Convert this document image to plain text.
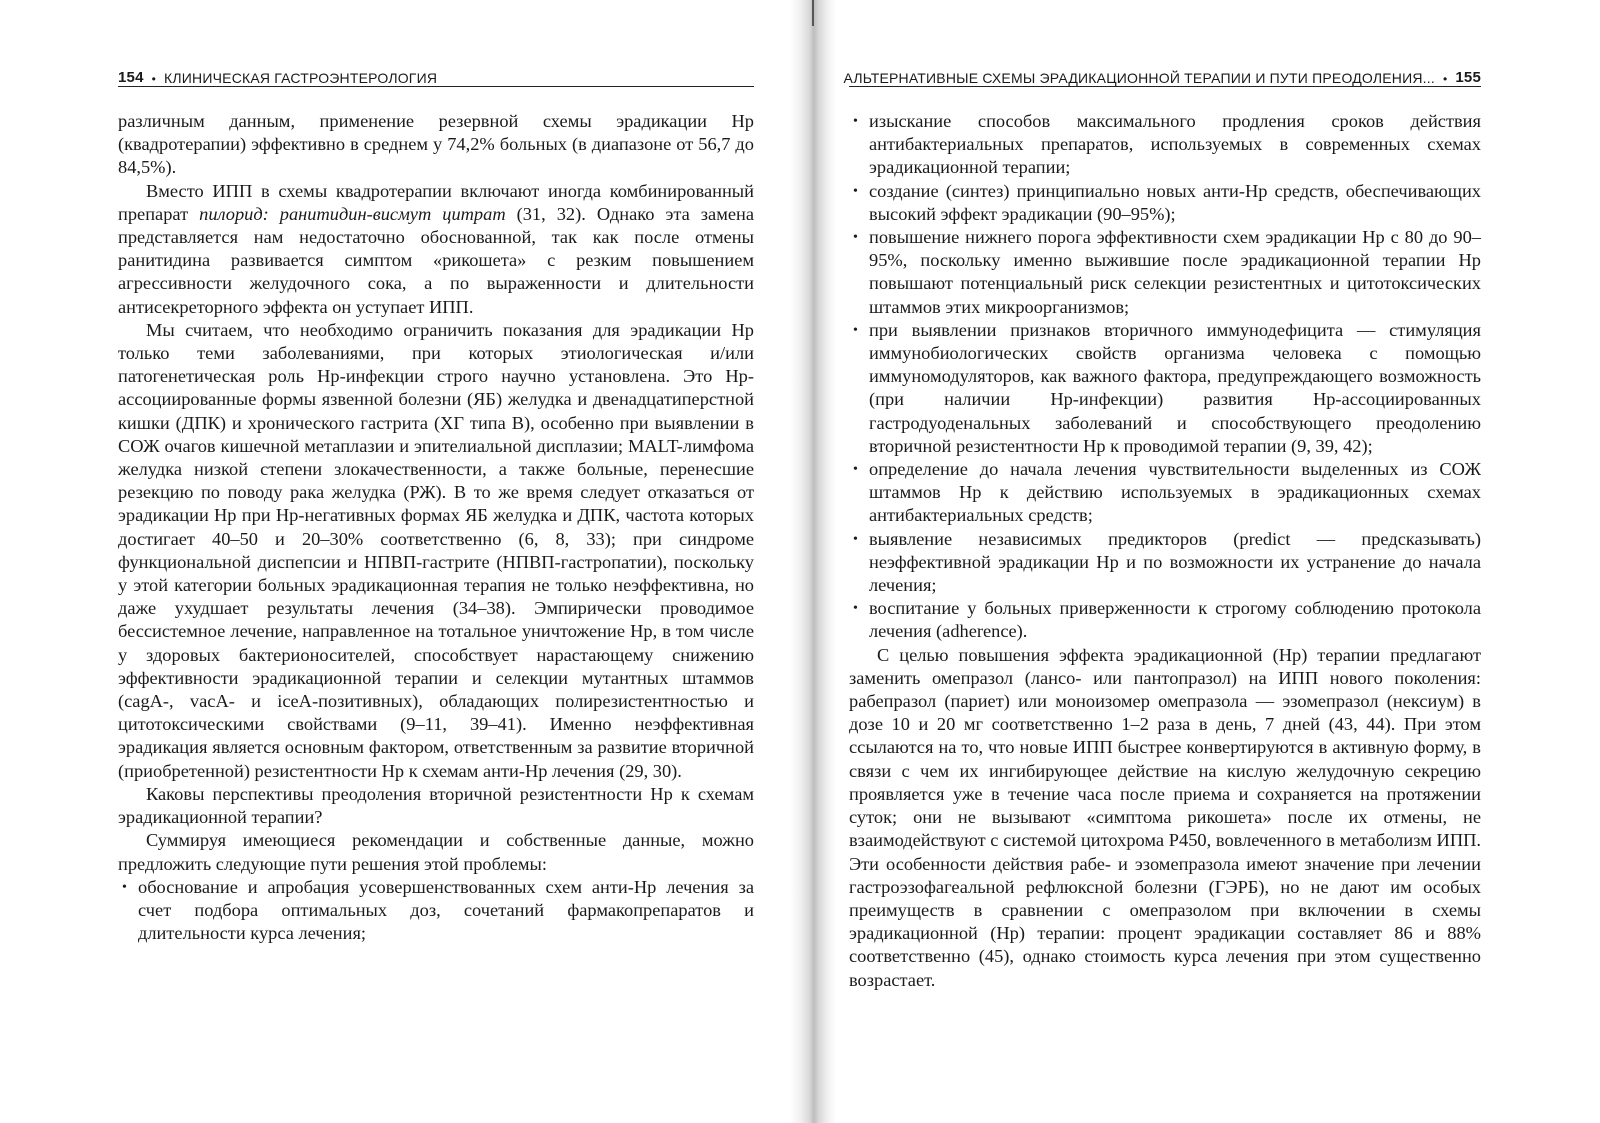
154 • КЛИНИЧЕСКАЯ ГАСТРОЭНТЕРОЛОГИЯ

различным данным, применение резервной схемы эрадикации Hp (квадротерапии) эффективно в среднем у 74,2% больных (в диапазоне от 56,7 до 84,5%).

Вместо ИПП в схемы квадротерапии включают иногда комбинированный препарат пилорид: ранитидин-висмут цитрат (31, 32). Однако эта замена представляется нам недостаточно обоснованной, так как после отмены ранитидина развивается симптом «рикошета» с резким повышением агрессивности желудочного сока, а по выраженности и длительности антисекреторного эффекта он уступает ИПП.

Мы считаем, что необходимо ограничить показания для эрадикации Hp только теми заболеваниями, при которых этиологическая и/или патогенетическая роль Hp-инфекции строго научно установлена. Это Hp-ассоциированные формы язвенной болезни (ЯБ) желудка и двенадцатиперстной кишки (ДПК) и хронического гастрита (ХГ типа В), особенно при выявлении в СОЖ очагов кишечной метаплазии и эпителиальной дисплазии; MALT-лимфома желудка низкой степени злокачественности, а также больные, перенесшие резекцию по поводу рака желудка (РЖ). В то же время следует отказаться от эрадикации Hp при Hp-негативных формах ЯБ желудка и ДПК, частота которых достигает 40–50 и 20–30% соответственно (6, 8, 33); при синдроме функциональной диспепсии и НПВП-гастрите (НПВП-гастропатии), поскольку у этой категории больных эрадикационная терапия не только неэффективна, но даже ухудшает результаты лечения (34–38). Эмпирически проводимое бессистемное лечение, направленное на тотальное уничтожение Hp, в том числе у здоровых бактерионосителей, способствует нарастающему снижению эффективности эрадикационной терапии и селекции мутантных штаммов (cagA-, vacA- и iceA-позитивных), обладающих полирезистентностью и цитотоксическими свойствами (9–11, 39–41). Именно неэффективная эрадикация является основным фактором, ответственным за развитие вторичной (приобретенной) резистентности Hp к схемам анти-Hp лечения (29, 30).

Каковы перспективы преодоления вторичной резистентности Hp к схемам эрадикационной терапии?

Суммируя имеющиеся рекомендации и собственные данные, можно предложить следующие пути решения этой проблемы:

• обоснование и апробация усовершенствованных схем анти-Hp лечения за счет подбора оптимальных доз, сочетаний фармакопрепаратов и длительности курса лечения;
АЛЬТЕРНАТИВНЫЕ СХЕМЫ ЭРАДИКАЦИОННОЙ ТЕРАПИИ И ПУТИ ПРЕОДОЛЕНИЯ... • 155
• изыскание способов максимального продления сроков действия антибактериальных препаратов, используемых в современных схемах эрадикационной терапии;
• создание (синтез) принципиально новых анти-Hp средств, обеспечивающих высокий эффект эрадикации (90–95%);
• повышение нижнего порога эффективности схем эрадикации Hp с 80 до 90–95%, поскольку именно выжившие после эрадикационной терапии Hp повышают потенциальный риск селекции резистентных и цитотоксических штаммов этих микроорганизмов;
• при выявлении признаков вторичного иммунодефицита — стимуляция иммунобиологических свойств организма человека с помощью иммуномодуляторов, как важного фактора, предупреждающего возможность (при наличии Hp-инфекции) развития Hp-ассоциированных гастродуоденальных заболеваний и способствующего преодолению вторичной резистентности Hp к проводимой терапии (9, 39, 42);
• определение до начала лечения чувствительности выделенных из СОЖ штаммов Hp к действию используемых в эрадикационных схемах антибактериальных средств;
• выявление независимых предикторов (predict — предсказывать) неэффективной эрадикации Hp и по возможности их устранение до начала лечения;
• воспитание у больных приверженности к строгому соблюдению протокола лечения (adherence).

С целью повышения эффекта эрадикационной (Hp) терапии предлагают заменить омепразол (лансо- или пантопразол) на ИПП нового поколения: рабепразол (париет) или моноизомер омепразола — эзомепразол (нексиум) в дозе 10 и 20 мг соответственно 1–2 раза в день, 7 дней (43, 44). При этом ссылаются на то, что новые ИПП быстрее конвертируются в активную форму, в связи с чем их ингибирующее действие на кислую желудочную секрецию проявляется уже в течение часа после приема и сохраняется на протяжении суток; они не вызывают «симптома рикошета» после их отмены, не взаимодействуют с системой цитохрома Р450, вовлеченного в метаболизм ИПП. Эти особенности действия рабе- и эзомепразола имеют значение при лечении гастроэзофагеальной рефлюксной болезни (ГЭРБ), но не дают им особых преимуществ в сравнении с омепразолом при включении в схемы эрадикационной (Hp) терапии: процент эрадикации составляет 86 и 88% соответственно (45), однако стоимость курса лечения при этом существенно возрастает.
